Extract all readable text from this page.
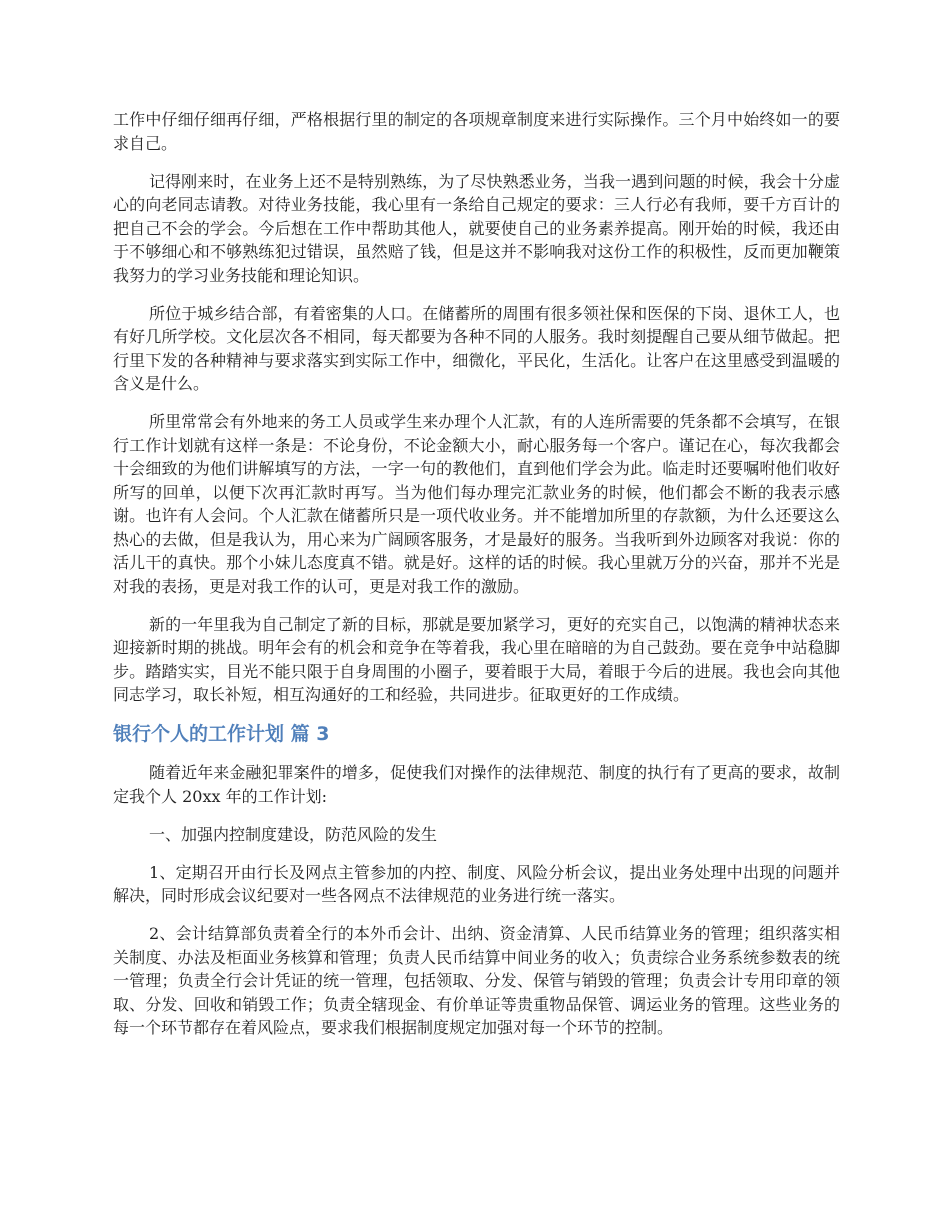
工作中仔细仔细再仔细，严格根据行里的制定的各项规章制度来进行实际操作。三个月中始终如一的要求自己。

记得刚来时，在业务上还不是特别熟练，为了尽快熟悉业务，当我一遇到问题的时候，我会十分虚心的向老同志请教。对待业务技能，我心里有一条给自己规定的要求：三人行必有我师，要千方百计的把自己不会的学会。今后想在工作中帮助其他人，就要使自己的业务素养提高。刚开始的时候，我还由于不够细心和不够熟练犯过错误，虽然赔了钱，但是这并不影响我对这份工作的积极性，反而更加鞭策我努力的学习业务技能和理论知识。

所位于城乡结合部，有着密集的人口。在储蓄所的周围有很多领社保和医保的下岗、退休工人，也有好几所学校。文化层次各不相同，每天都要为各种不同的人服务。我时刻提醒自己要从细节做起。把行里下发的各种精神与要求落实到实际工作中，细微化，平民化，生活化。让客户在这里感受到温暖的含义是什么。

所里常常会有外地来的务工人员或学生来办理个人汇款，有的人连所需要的凭条都不会填写，在银行工作计划就有这样一条是：不论身份，不论金额大小，耐心服务每一个客户。谨记在心，每次我都会十会细致的为他们讲解填写的方法，一字一句的教他们，直到他们学会为此。临走时还要嘱咐他们收好所写的回单，以便下次再汇款时再写。当为他们每办理完汇款业务的时候，他们都会不断的我表示感谢。也许有人会问。个人汇款在储蓄所只是一项代收业务。并不能增加所里的存款额，为什么还要这么热心的去做，但是我认为，用心来为广阔顾客服务，才是最好的服务。当我听到外边顾客对我说：你的活儿干的真快。那个小妹儿态度真不错。就是好。这样的话的时候。我心里就万分的兴奋，那并不光是对我的表扬，更是对我工作的认可，更是对我工作的激励。

新的一年里我为自己制定了新的目标，那就是要加紧学习，更好的充实自己，以饱满的精神状态来迎接新时期的挑战。明年会有的机会和竞争在等着我，我心里在暗暗的为自己鼓劲。要在竞争中站稳脚步。踏踏实实，目光不能只限于自身周围的小圈子，要着眼于大局，着眼于今后的进展。我也会向其他同志学习，取长补短，相互沟通好的工和经验，共同进步。征取更好的工作成绩。

银行个人的工作计划 篇 3

随着近年来金融犯罪案件的增多，促使我们对操作的法律规范、制度的执行有了更高的要求，故制定我个人 20xx 年的工作计划:

一、加强内控制度建设，防范风险的发生

1、定期召开由行长及网点主管参加的内控、制度、风险分析会议，提出业务处理中出现的问题并解决，同时形成会议纪要对一些各网点不法律规范的业务进行统一落实。

2、会计结算部负责着全行的本外币会计、出纳、资金清算、人民币结算业务的管理；组织落实相关制度、办法及柜面业务核算和管理；负责人民币结算中间业务的收入；负责综合业务系统参数表的统一管理；负责全行会计凭证的统一管理，包括领取、分发、保管与销毁的管理；负责会计专用印章的领取、分发、回收和销毁工作；负责全辖现金、有价单证等贵重物品保管、调运业务的管理。这些业务的每一个环节都存在着风险点，要求我们根据制度规定加强对每一个环节的控制。
